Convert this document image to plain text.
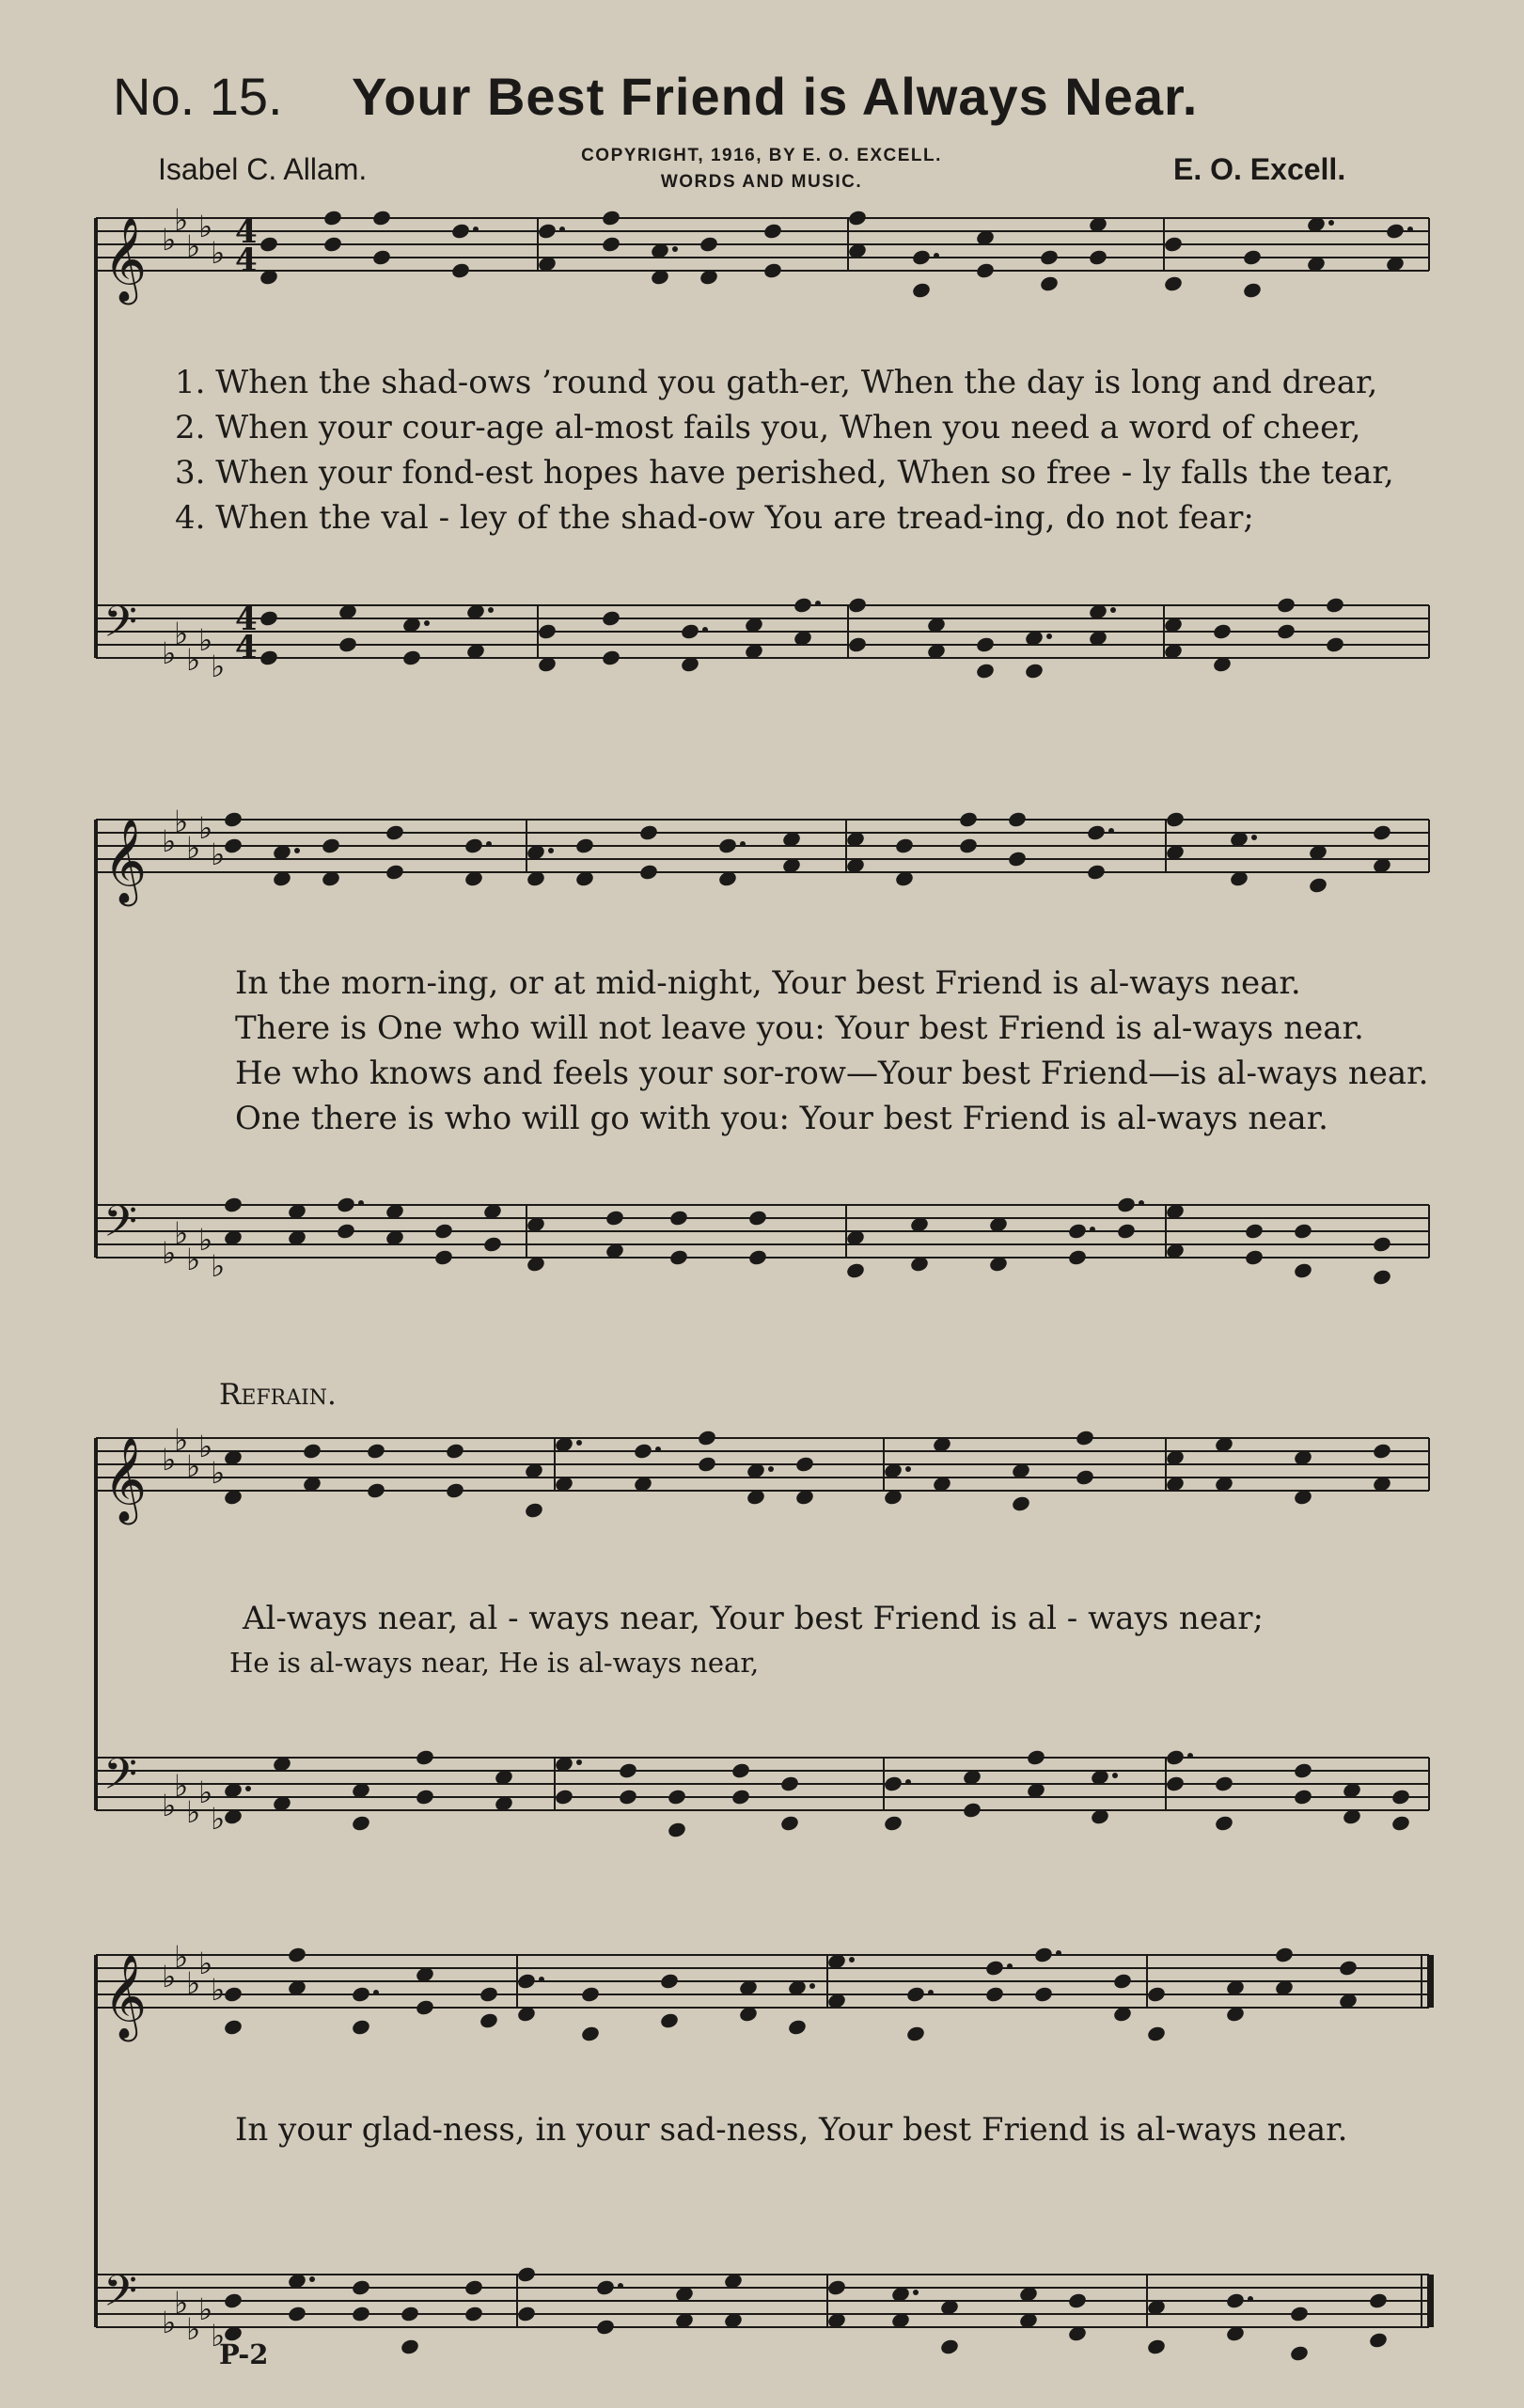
No. 15. Your Best Friend is Always Near.
Isabel C. Allam.	E. O. Excell.
COPYRIGHT, 1916, BY E. O. EXCELL.
WORDS AND MUSIC.
𝄞
𝄢
♭
♭
♭
♭
♭
♭
♭
♭
♭
♭
4
4
4
4
𝄞
𝄢
♭
♭
♭
♭
♭
♭
♭
♭
♭
♭
𝄞
𝄢
♭
♭
♭
♭
♭
♭
♭
♭
♭
♭
𝄞
𝄢
♭
♭
♭
♭
♭
♭
♭
♭
♭
♭
1. When the shad-ows ’round you gath-er, When the day is long and drear,
2. When your cour-age al-most fails you, When you need a word of cheer,
3. When your fond-est hopes have perished, When so free - ly falls the tear,
4. When the val - ley of the shad-ow You are tread-ing, do not fear;
In the morn-ing, or at mid-night, Your best Friend is al-ways near.
There is One who will not leave you: Your best Friend is al-ways near.
He who knows and feels your sor-row—Your best Friend—is al-ways near.
One there is who will go with you: Your best Friend is al-ways near.
Refrain.
Al-ways near, al - ways near, Your best Friend is al - ways near;
He is al-ways near, He is al-ways near,
In your glad-ness, in your sad-ness, Your best Friend is al-ways near.
P-2
